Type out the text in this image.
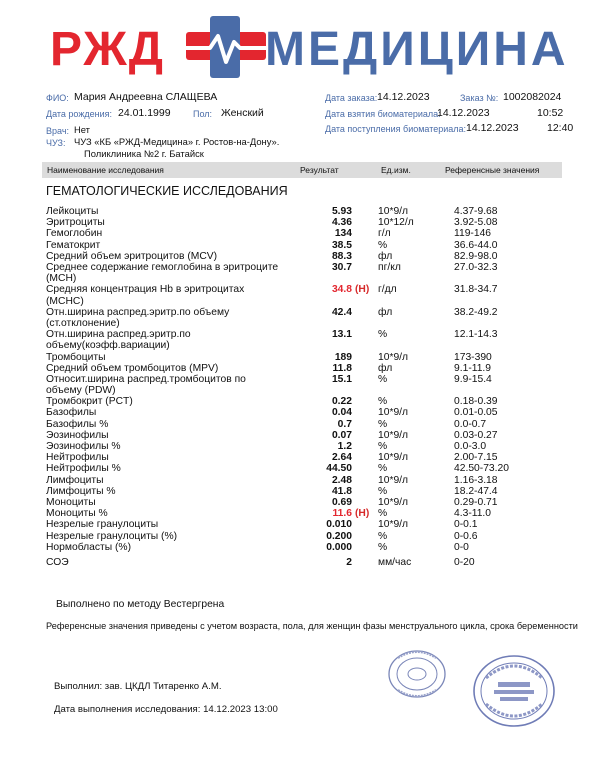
РЖД МЕДИЦИНА
ФИО: Мария Андреевна СЛАЩЕВА
Дата рождения: 24.01.1999 Пол: Женский
Врач: Нет
ЧУЗ: ЧУЗ «КБ «РЖД-Медицина» г. Ростов-на-Дону».
Поликлиника №2 г. Батайск
Дата заказа: 14.12.2023	Заказ №: 1002082024
Дата взятия биоматериала:
14.12.2023	10:52
Дата поступления биоматериала: 14.12.2023	12:40
Наименование исследования	Результат	Ед.изм.	Референсные значения
ГЕМАТОЛОГИЧЕСКИЕ ИССЛЕДОВАНИЯ
Лейкоциты	5.93	10*9/л	4.37-9.68
Эритроциты	4.36	10*12/л	3.92-5.08
Гемоглобин	134	г/л	119-146
Гематокрит	38.5	%	36.6-44.0
Средний объем эритроцитов (MCV)	88.3	фл	82.9-98.0
Среднее содержание гемоглобина в эритроците (MCH)
30.7	пг/кл	27.0-32.3
Средняя концентрация Hb в эритроцитах (МСНС)
34.8 (H) г/дл	31.8-34.7
Отн.ширина распред.эритр.по объему (ст.отклонение)
42.4	фл	38.2-49.2
Отн.ширина распред.эритр.по объему(коэфф.вариации)
13.1	%	12.1-14.3
Тромбоциты	189	10*9/л	173-390
Средний объем тромбоцитов (MPV)	11.8	фл	9.1-11.9
Относит.ширина распред.тромбоцитов по объему (PDW)
15.1	%	9.9-15.4
Тромбокрит (PCT)	0.22	%	0.18-0.39
Базофилы	0.04	10*9/л	0.01-0.05
Базофилы %	0.7	%	0.0-0.7
Эозинофилы	0.07	10*9/л	0.03-0.27
Эозинофилы %	1.2	%	0.0-3.0
Нейтрофилы	2.64	10*9/л	2.00-7.15
Нейтрофилы %	44.50	%	42.50-73.20
Лимфоциты	2.48	10*9/л	1.16-3.18
Лимфоциты %	41.8	%	18.2-47.4
Моноциты	0.69	10*9/л	0.29-0.71
Моноциты %	11.6 (H) %	4.3-11.0
Незрелые гранулоциты	0.010	10*9/л	0-0.1
Незрелые гранулоциты (%)	0.200	%	0-0.6
Нормобласты (%)	0.000	%	0-0
СОЭ	2	мм/час	0-20
Выполнено по методу Вестергрена
Референсные значения приведены с учетом возраста, пола, для женщин фазы менструального цикла, срока беременности
Выполнил: зав. ЦКДЛ Титаренко А.М.
Дата выполнения исследования: 14.12.2023 13:00
